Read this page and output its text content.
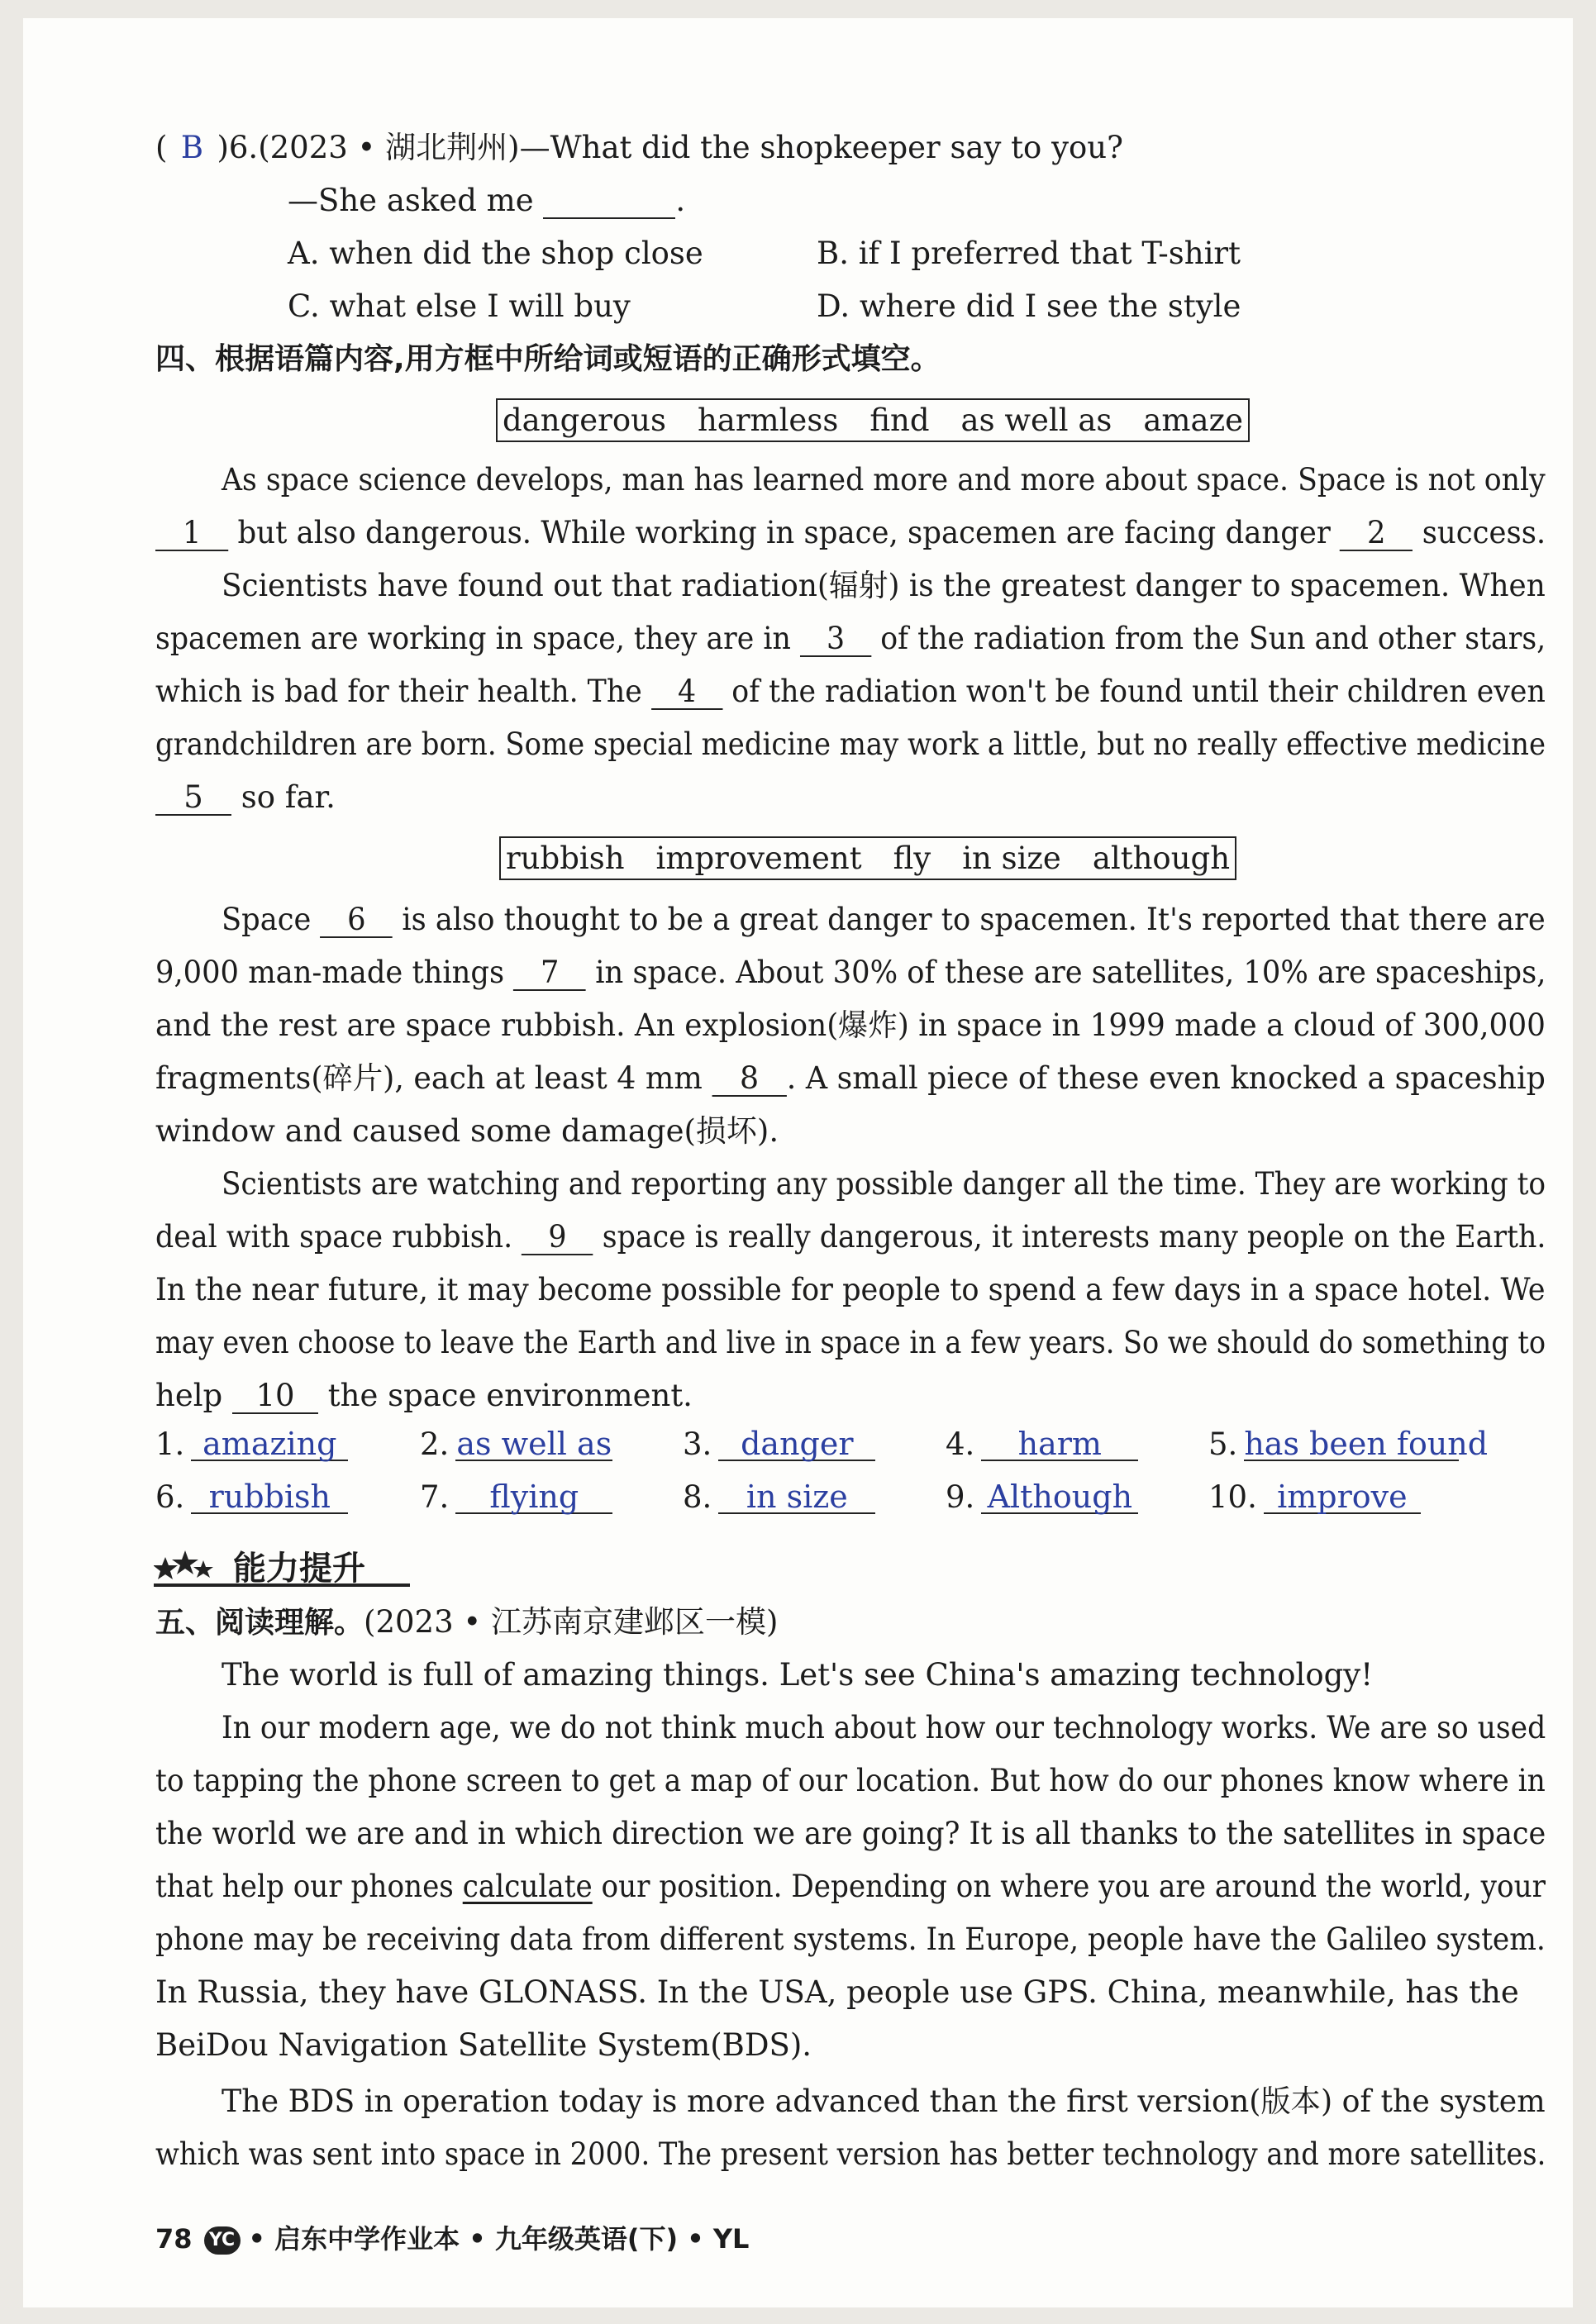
( B )6.(2023 • 湖北荆州)—What did the shopkeeper say to you?
—She asked me	.
A. when did the shop close	B. if I preferred that T-shirt
C. what else I will buy	D. where did I see the style
四、根据语篇内容,用方框中所给词或短语的正确形式填空。
dangerous harmless find as well as amaze
As space science develops, man has learned more and more about space. Space is not only
1 but also dangerous. While working in space, spacemen are facing danger 2 success.
Scientists have found out that radiation(辐射) is the greatest danger to spacemen. When
spacemen are working in space, they are in 3 of the radiation from the Sun and other stars,
which is bad for their health. The 4 of the radiation won't be found until their children even
grandchildren are born. Some special medicine may work a little, but no really effective medicine
5 so far.
rubbish improvement fly in size although
Space 6 is also thought to be a great danger to spacemen. It's reported that there are
9,000 man-made things 7 in space. About 30% of these are satellites, 10% are spaceships,
and the rest are space rubbish. An explosion(爆炸) in space in 1999 made a cloud of 300,000
fragments(碎片), each at least 4 mm 8 . A small piece of these even knocked a spaceship
window and caused some damage(损坏).
Scientists are watching and reporting any possible danger all the time. They are working to
deal with space rubbish. 9 space is really dangerous, it interests many people on the Earth.
In the near future, it may become possible for people to spend a few days in a space hotel. We
may even choose to leave the Earth and live in space in a few years. So we should do something to
help 10 the space environment.
1. amazing	2. as well as 3. danger	4. harm	5. has been found
6. rubbish	7. flying	8. in size	9. Although 10. improve
能力提升
五、阅读理解。(2023 • 江苏南京建邺区一模)
The world is full of amazing things. Let's see China's amazing technology!
In our modern age, we do not think much about how our technology works. We are so used
to tapping the phone screen to get a map of our location. But how do our phones know where in
the world we are and in which direction we are going? It is all thanks to the satellites in space
that help our phones calculate our position. Depending on where you are around the world, your
phone may be receiving data from different systems. In Europe, people have the Galileo system.
In Russia, they have GLONASS. In the USA, people use GPS. China, meanwhile, has the
BeiDou Navigation Satellite System(BDS).
The BDS in operation today is more advanced than the first version(版本) of the system
which was sent into space in 2000. The present version has better technology and more satellites.
78 YC • 启东中学作业本 • 九年级英语(下) • YL
